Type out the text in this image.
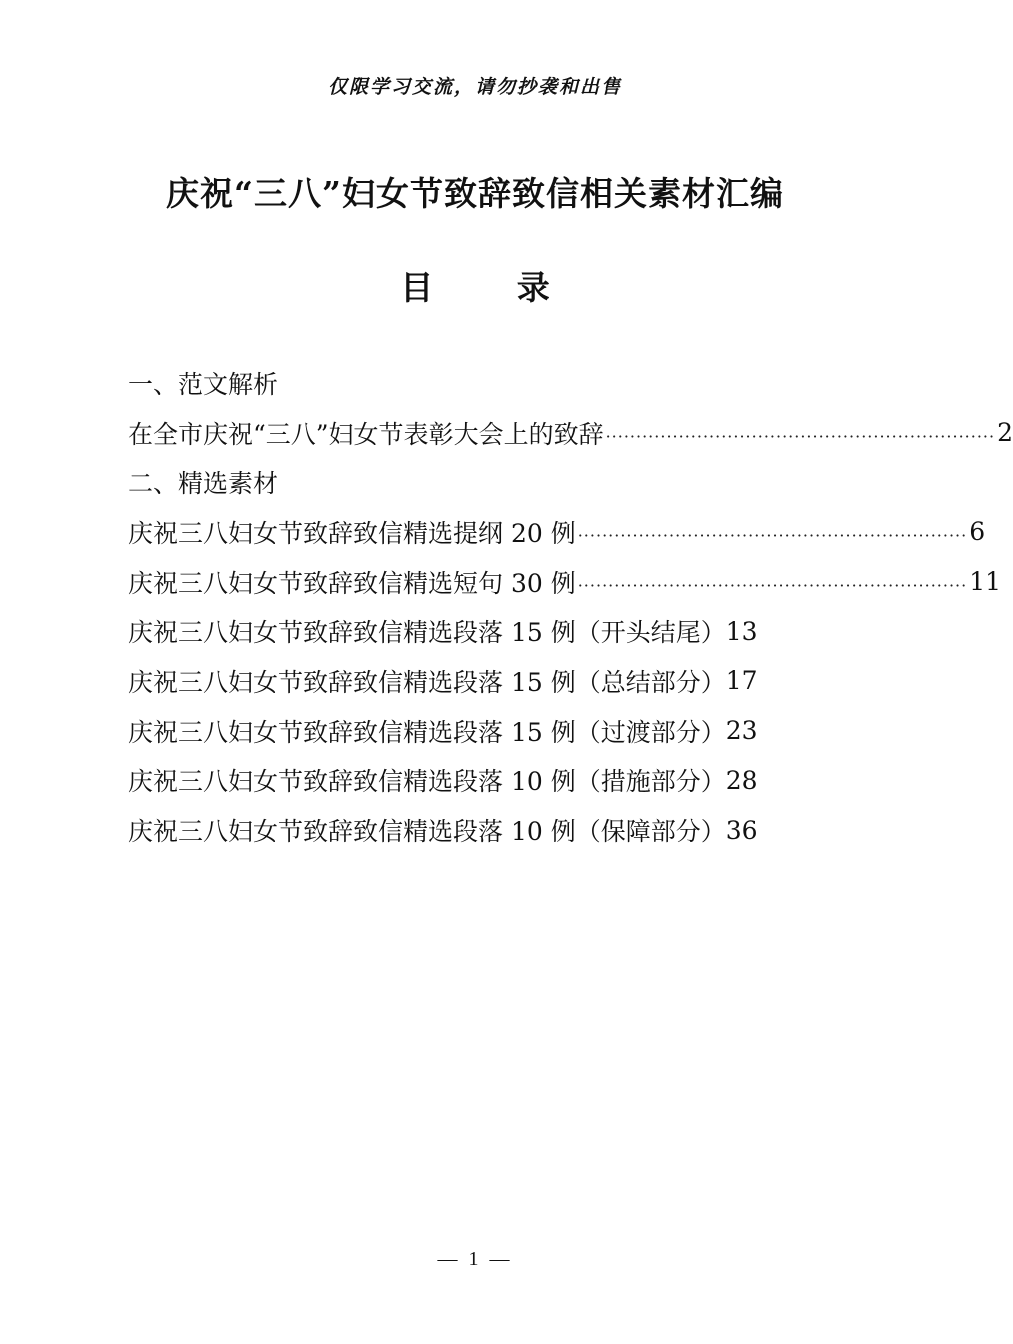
仅限学习交流，请勿抄袭和出售
庆祝“三八”妇女节致辞致信相关素材汇编
目 录
一、范文解析
在全市庆祝“三八”妇女节表彰大会上的致辞 ································································ 2
二、精选素材
庆祝三八妇女节致辞致信精选提纲 20 例 ································································ 6
庆祝三八妇女节致辞致信精选短句 30 例 ································································ 11
庆祝三八妇女节致辞致信精选段落 15 例（开头结尾） 13
庆祝三八妇女节致辞致信精选段落 15 例（总结部分） 17
庆祝三八妇女节致辞致信精选段落 15 例（过渡部分） 23
庆祝三八妇女节致辞致信精选段落 10 例（措施部分） 28
庆祝三八妇女节致辞致信精选段落 10 例（保障部分） 36
— 1 —
